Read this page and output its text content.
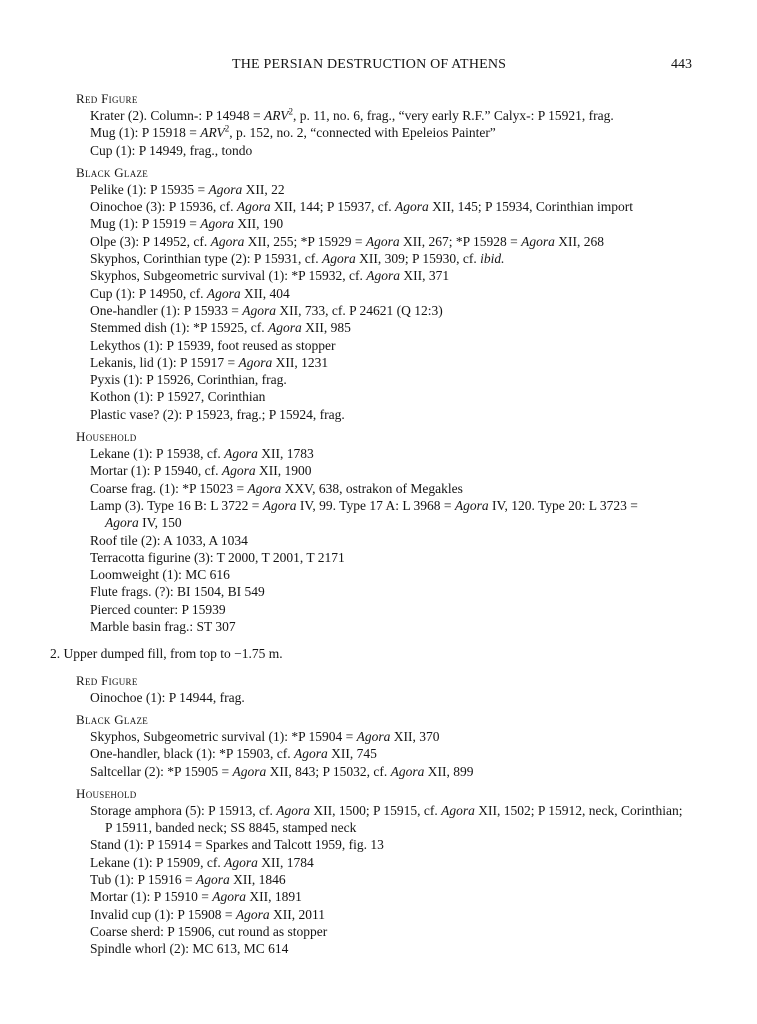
THE PERSIAN DESTRUCTION OF ATHENS	443
Red Figure
Krater (2). Column-: P $14948 = ARV^2$, p. 11, no. 6, frag., “very early R.F.” Calyx-: P 15921, frag.
Mug (1): P $15918 = ARV^2$, p. 152, no. 2, “connected with Epeleios Painter”
Cup (1): P 14949, frag., tondo
Black Glaze
Pelike (1): P 15935 = Agora XII, 22
Oinochoe (3): P 15936, cf. Agora XII, 144; P 15937, cf. Agora XII, 145; P 15934, Corinthian import
Mug (1): P 15919 = Agora XII, 190
Olpe (3): P 14952, cf. Agora XII, 255; *P 15929 = Agora XII, 267; *P 15928 = Agora XII, 268
Skyphos, Corinthian type (2): P 15931, cf. Agora XII, 309; P 15930, cf. ibid.
Skyphos, Subgeometric survival (1): *P 15932, cf. Agora XII, 371
Cup (1): P 14950, cf. Agora XII, 404
One-handler (1): P 15933 = Agora XII, 733, cf. P 24621 (Q 12:3)
Stemmed dish (1): *P 15925, cf. Agora XII, 985
Lekythos (1): P 15939, foot reused as stopper
Lekanis, lid (1): P 15917 = Agora XII, 1231
Pyxis (1): P 15926, Corinthian, frag.
Kothon (1): P 15927, Corinthian
Plastic vase? (2): P 15923, frag.; P 15924, frag.
Household
Lekane (1): P 15938, cf. Agora XII, 1783
Mortar (1): P 15940, cf. Agora XII, 1900
Coarse frag. (1): *P 15023 = Agora XXV, 638, ostrakon of Megakles
Lamp (3). Type 16 B: L 3722 = Agora IV, 99. Type 17 A: L 3968 = Agora IV, 120. Type 20: L 3723 =
Agora IV, 150
Roof tile (2): A 1033, A 1034
Terracotta figurine (3): T 2000, T 2001, T 2171
Loomweight (1): MC 616
Flute frags. (?): BI 1504, BI 549
Pierced counter: P 15939
Marble basin frag.: ST 307
2. Upper dumped fill, from top to −1.75 m.
Red Figure
Oinochoe (1): P 14944, frag.
Black Glaze
Skyphos, Subgeometric survival (1): *P 15904 = Agora XII, 370
One-handler, black (1): *P 15903, cf. Agora XII, 745
Saltcellar (2): *P 15905 = Agora XII, 843; P 15032, cf. Agora XII, 899
Household
Storage amphora (5): P 15913, cf. Agora XII, 1500; P 15915, cf. Agora XII, 1502; P 15912, neck, Corinthian;
P 15911, banded neck; SS 8845, stamped neck
Stand (1): P 15914 = Sparkes and Talcott 1959, fig. 13
Lekane (1): P 15909, cf. Agora XII, 1784
Tub (1): P 15916 = Agora XII, 1846
Mortar (1): P 15910 = Agora XII, 1891
Invalid cup (1): P 15908 = Agora XII, 2011
Coarse sherd: P 15906, cut round as stopper
Spindle whorl (2): MC 613, MC 614
